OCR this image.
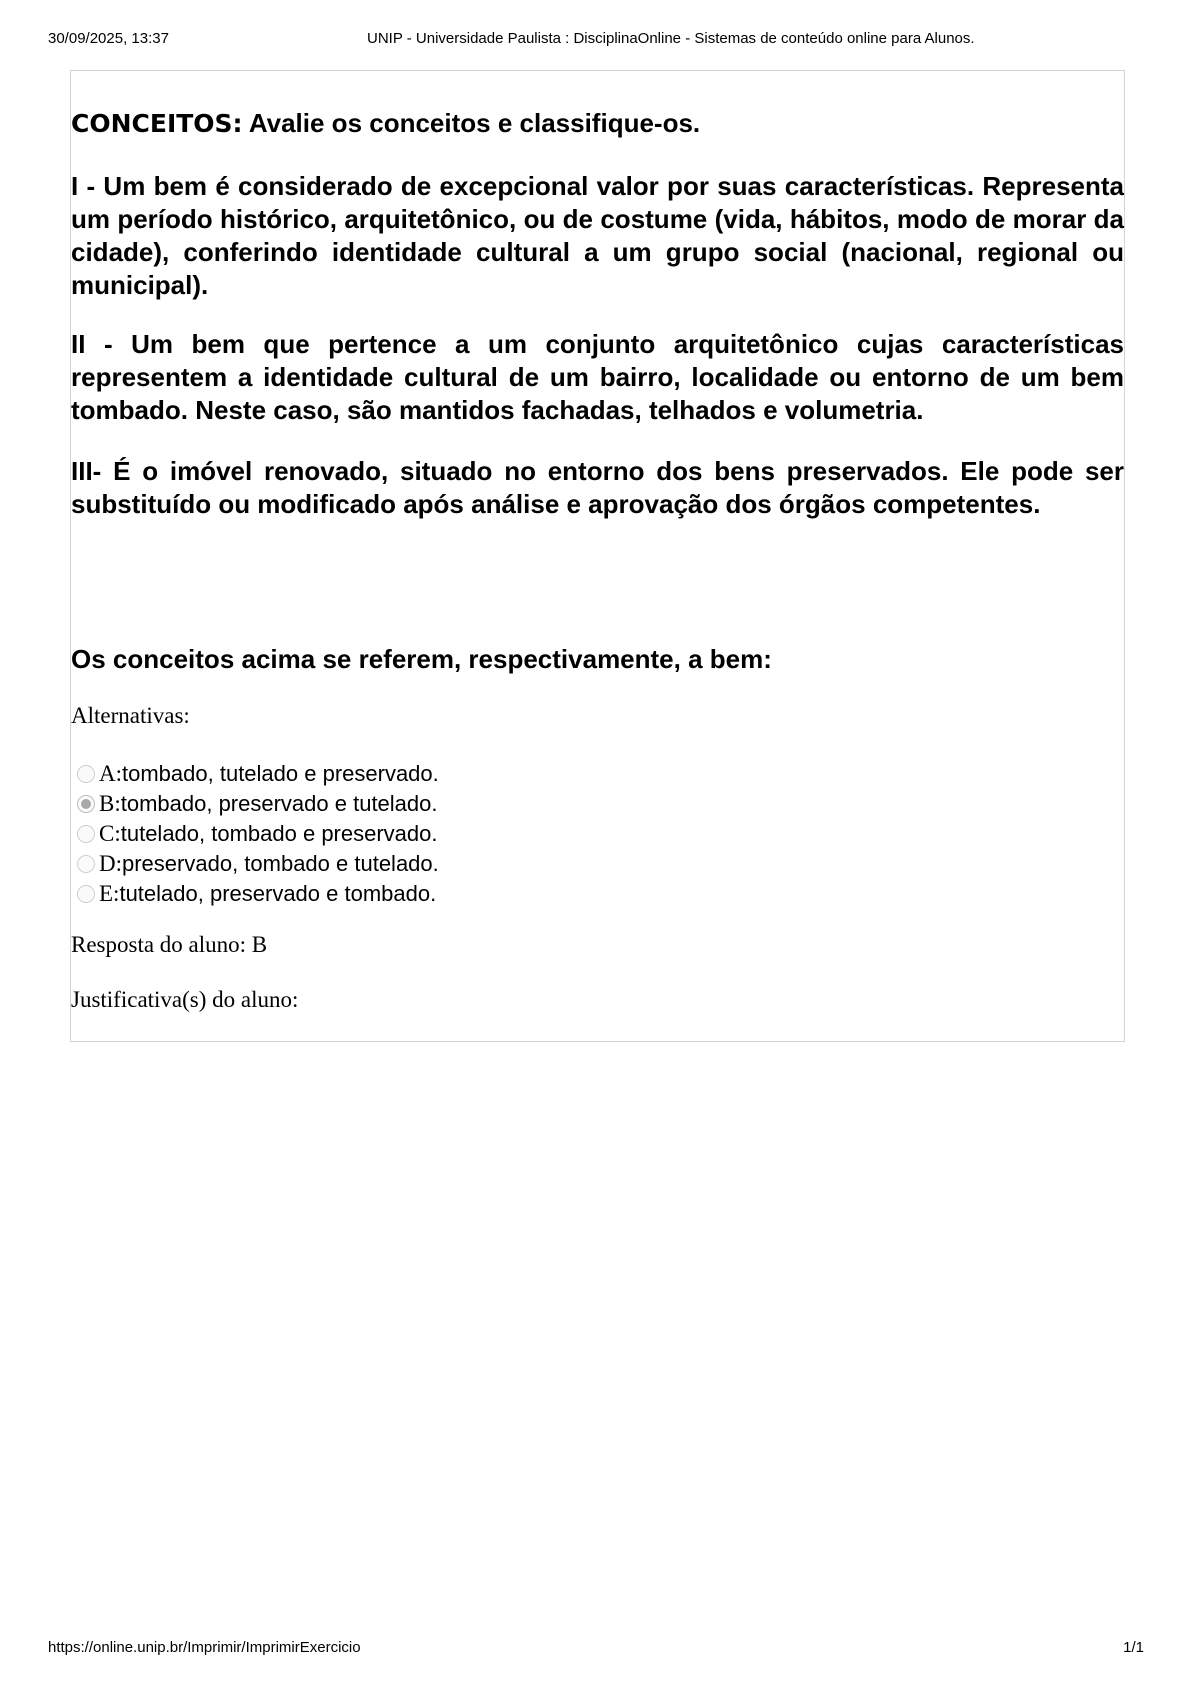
30/09/2025, 13:37	UNIP - Universidade Paulista : DisciplinaOnline - Sistemas de conteúdo online para Alunos.
CONCEITOS: Avalie os conceitos e classifique-os.
I - Um bem é considerado de excepcional valor por suas características. Representa um período histórico, arquitetônico, ou de costume (vida, hábitos, modo de morar da cidade), conferindo identidade cultural a um grupo social (nacional, regional ou municipal).
II - Um bem que pertence a um conjunto arquitetônico cujas características representem a identidade cultural de um bairro, localidade ou entorno de um bem tombado. Neste caso, são mantidos fachadas, telhados e volumetria.
III- É o imóvel renovado, situado no entorno dos bens preservados. Ele pode ser substituído ou modificado após análise e aprovação dos órgãos competentes.
Os conceitos acima se referem, respectivamente, a bem:
Alternativas:
A: tombado, tutelado e preservado.
B: tombado, preservado e tutelado.
C: tutelado, tombado e preservado.
D: preservado, tombado e tutelado.
E: tutelado, preservado e tombado.
Resposta do aluno: B
Justificativa(s) do aluno:
https://online.unip.br/Imprimir/ImprimirExercicio	1/1
